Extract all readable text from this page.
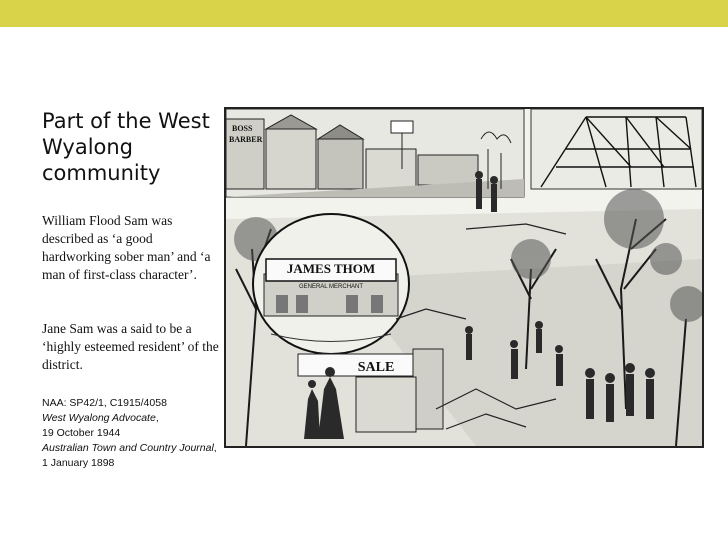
Part of the West Wyalong community
William Flood Sam was described as ‘a good hardworking sober man’ and ‘a man of first-class character’.
Jane Sam was a said to be a ‘highly esteemed resident’ of the district.
NAA: SP42/1, C1915/4058
West Wyalong Advocate,
19 October 1944
Australian Town and Country Journal, 1 January 1898
BOSS
BARBER
JAMES THOM
GENERAL MERCHANT
SALE
